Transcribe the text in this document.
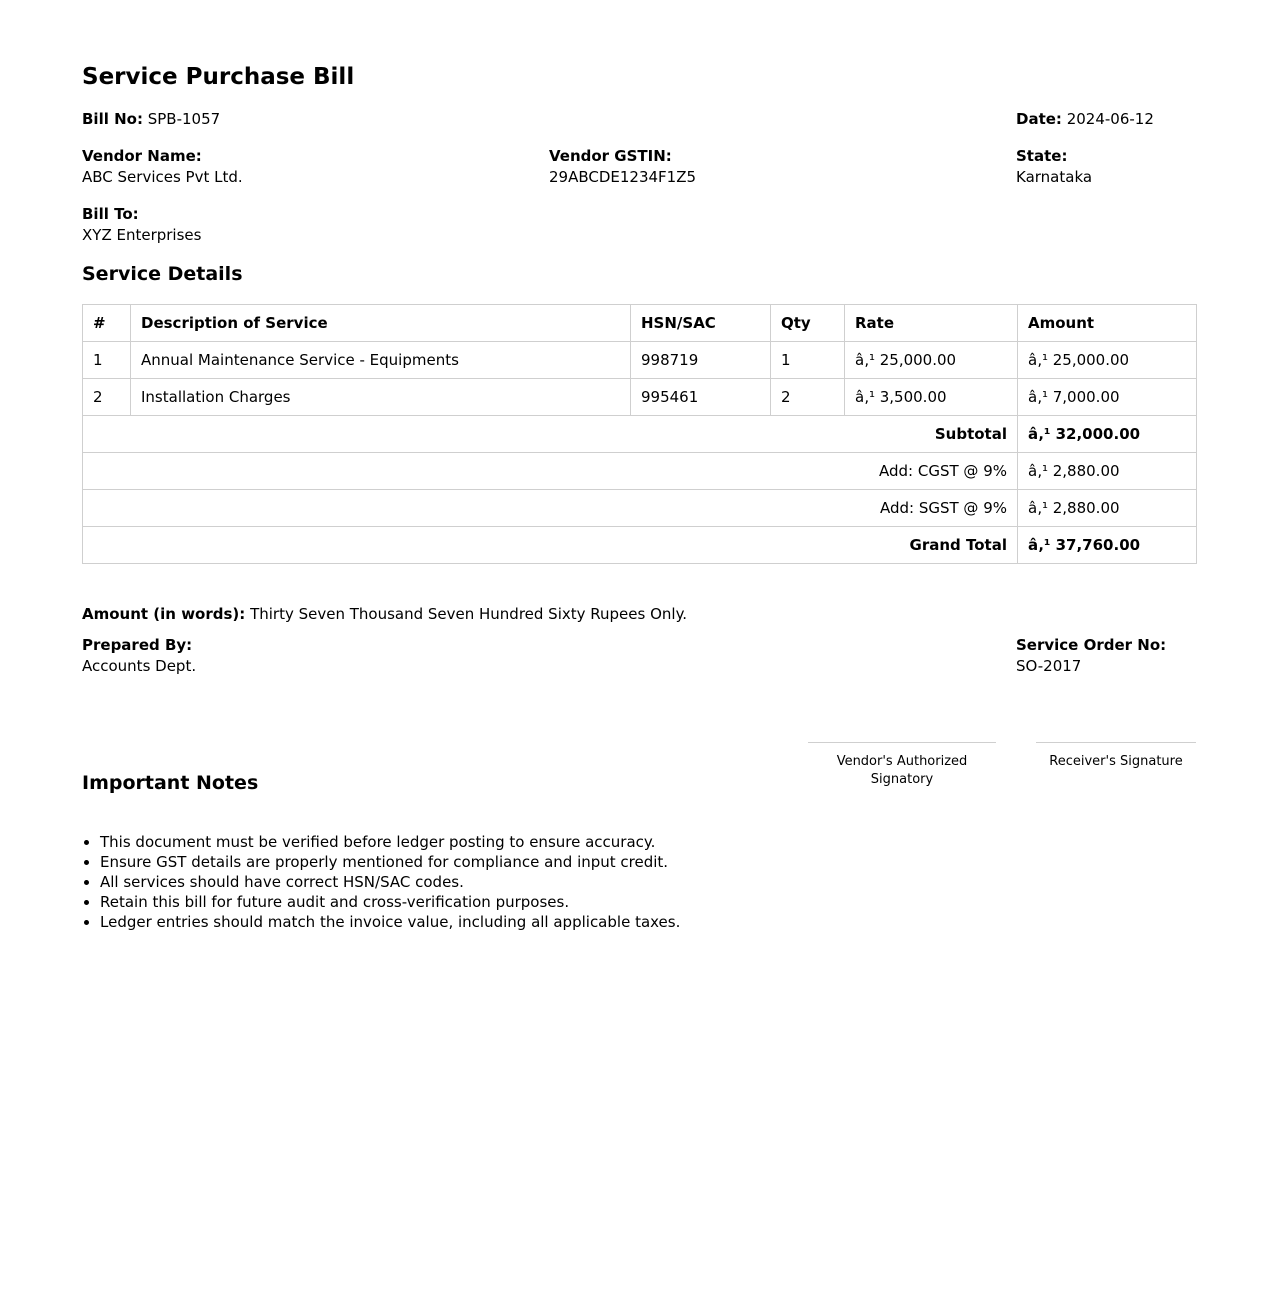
Service Purchase Bill
Bill No: SPB-1057	Date: 2024-06-12
Vendor Name:
ABC Services Pvt Ltd.
Vendor GSTIN:
29ABCDE1234F1Z5
State:
Karnataka
Bill To:
XYZ Enterprises
Service Details
#	Description of Service	HSN/SAC	Qty	Rate	Amount
1	Annual Maintenance Service - Equipments	998719	1	â‚¹ 25,000.00	â‚¹ 25,000.00
2	Installation Charges	995461	2	â‚¹ 3,500.00	â‚¹ 7,000.00
Subtotal					â‚¹ 32,000.00
Add: CGST @ 9%					â‚¹ 2,880.00
Add: SGST @ 9%					â‚¹ 2,880.00
Grand Total					â‚¹ 37,760.00
Amount (in words): Thirty Seven Thousand Seven Hundred Sixty Rupees Only.
Prepared By:
Accounts Dept.
Service Order No:
SO-2017
Vendor's Authorized Signatory
Receiver's Signature
Important Notes
• This document must be verified before ledger posting to ensure accuracy.
• Ensure GST details are properly mentioned for compliance and input credit.
• All services should have correct HSN/SAC codes.
• Retain this bill for future audit and cross-verification purposes.
• Ledger entries should match the invoice value, including all applicable taxes.
